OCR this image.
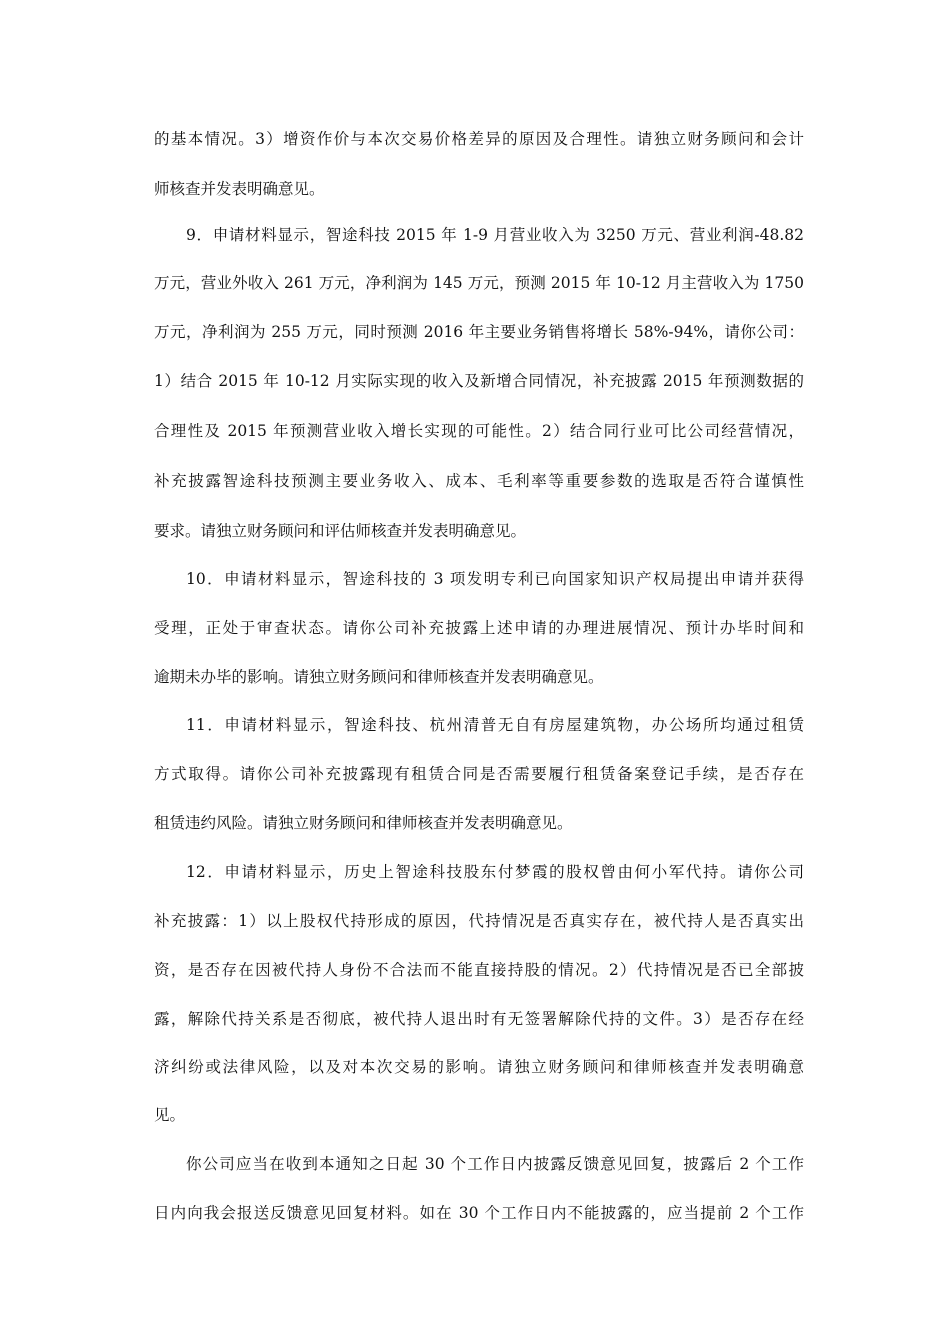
的基本情况。3）增资作价与本次交易价格差异的原因及合理性。请独立财务顾问和会计
师核查并发表明确意见。
9．申请材料显示，智途科技 2015 年 1-9 月营业收入为 3250 万元、营业利润-48.82
万元，营业外收入 261 万元，净利润为 145 万元，预测 2015 年 10-12 月主营收入为 1750
万元，净利润为 255 万元，同时预测 2016 年主要业务销售将增长 58%-94%，请你公司：
1）结合 2015 年 10-12 月实际实现的收入及新增合同情况，补充披露 2015 年预测数据的
合理性及 2015 年预测营业收入增长实现的可能性。2）结合同行业可比公司经营情况，
补充披露智途科技预测主要业务收入、成本、毛利率等重要参数的选取是否符合谨慎性
要求。请独立财务顾问和评估师核查并发表明确意见。
10．申请材料显示，智途科技的 3 项发明专利已向国家知识产权局提出申请并获得
受理，正处于审查状态。请你公司补充披露上述申请的办理进展情况、预计办毕时间和
逾期未办毕的影响。请独立财务顾问和律师核查并发表明确意见。
11．申请材料显示，智途科技、杭州清普无自有房屋建筑物，办公场所均通过租赁
方式取得。请你公司补充披露现有租赁合同是否需要履行租赁备案登记手续，是否存在
租赁违约风险。请独立财务顾问和律师核查并发表明确意见。
12．申请材料显示，历史上智途科技股东付梦霞的股权曾由何小军代持。请你公司
补充披露：1）以上股权代持形成的原因，代持情况是否真实存在，被代持人是否真实出
资，是否存在因被代持人身份不合法而不能直接持股的情况。2）代持情况是否已全部披
露，解除代持关系是否彻底，被代持人退出时有无签署解除代持的文件。3）是否存在经
济纠纷或法律风险，以及对本次交易的影响。请独立财务顾问和律师核查并发表明确意
见。
你公司应当在收到本通知之日起 30 个工作日内披露反馈意见回复，披露后 2 个工作
日内向我会报送反馈意见回复材料。如在 30 个工作日内不能披露的，应当提前 2 个工作
